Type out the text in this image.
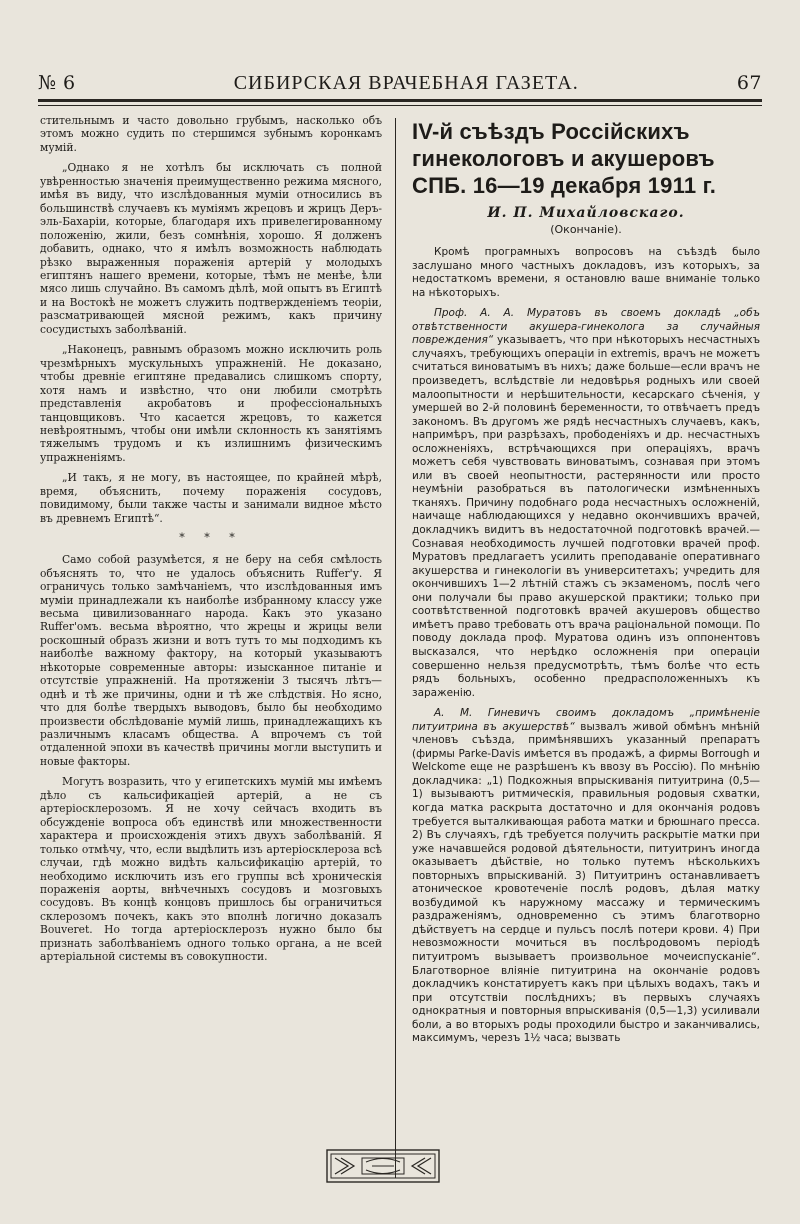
№ 6	СИБИРСКАЯ ВРАЧЕБНАЯ ГАЗЕТА.	67

стительнымъ и часто довольно грубымъ, насколько объ этомъ можно судить по стершимся зубнымъ коронкамъ мумій.

„Однако я не хотѣлъ бы исключать съ полной увѣренностью значенія преимущественно режима мясного, имѣя въ виду, что изслѣдованныя муміи относились въ большинствѣ случаевъ къ мумiямъ жрецовъ и жрицъ Деръ-эль-Бахарiи, которые, благодаря ихъ привелегированному положенiю, жили, безъ сомнѣнiя, хорошо. Я долженъ добавить, однако, что я имѣлъ возможность наблюдать рѣзко выраженныя пораженiя артерiй у молодыхъ египтянъ нашего времени, которые, тѣмъ не менѣе, ѣли мясо лишь случайно. Въ самомъ дѣлѣ, мой опытъ въ Египтѣ и на Востокѣ не можетъ служить подтвержденiемъ теорiи, разсматривающей мясной режимъ, какъ причину сосудистыхъ заболѣванiй.

„Наконецъ, равнымъ образомъ можно исключить роль чрезмѣрныхъ мускульныхъ упражненiй. Не доказано, чтобы древнiе египтяне предавались слишкомъ спорту, хотя намъ и извѣстно, что они любили смотрѣть представленiя акробатовъ и профессiональныхъ танцовщиковъ. Что касается жрецовъ, то кажется невѣроятнымъ, чтобы они имѣли склонность къ занятiямъ тяжелымъ трудомъ и къ излишнимъ физическимъ упражненiямъ.

„И такъ, я не могу, въ настоящее, по крайней мѣрѣ, время, объяснить, почему пораженiя сосудовъ, повидимому, были также часты и занимали видное мѣсто въ древнемъ Египтѣ“.

* * *

Само собой разумѣется, я не беру на себя смѣлость объяснять то, что не удалось объяснить Ruffer'у. Я ограничусь только замѣчанiемъ, что изслѣдованныя имъ муміи принадлежали къ наиболѣе избранному классу уже весьма цивилизованнаго народа. Какъ это указано Ruffer'омъ. весьма вѣроятно, что жрецы и жрицы вели роскошный образъ жизни и вотъ тутъ то мы подходимъ къ наиболѣе важному фактору, на который указываютъ нѣкоторые современные авторы: изысканное питанiе и отсутствiе упражненiй. На протяженiи 3 тысячъ лѣтъ—однѣ и тѣ же причины, одни и тѣ же слѣдствiя. Но ясно, что для болѣе твердыхъ выводовъ, было бы необходимо произвести обслѣдованiе мумiй лишь, принадлежащихъ къ различнымъ класамъ общества. А впрочемъ съ той отдаленной эпохи въ качествѣ причины могли выступить и новые факторы.

Могутъ возразить, что у египетскихъ мумiй мы имѣемъ дѣло съ кальсификацiей артерiй, а не съ артерiосклерозомъ. Я не хочу сейчасъ входить въ обсужденiе вопроса объ единствѣ или множественности характера и происхожденiя этихъ двухъ заболѣванiй. Я только отмѣчу, что, если выдѣлить изъ артерiосклероза всѣ случаи, гдѣ можно видѣть кальсификацiю артерiй, то необходимо исключить изъ его группы всѣ хроническiя пораженiя аорты, внѣчечныхъ сосудовъ и мозговыхъ сосудовъ. Въ концѣ концовъ пришлось бы ограничиться склерозомъ почекъ, какъ это вполнѣ логично доказалъ Bouveret. Но тогда артерiосклерозъ нужно было бы признать заболѣванiемъ одного только органа, а не всей артерiальной системы въ совокупности.

IV-й съѣздъ Россiйскихъ гинекологовъ и акушеровъ СПБ. 16—19 декабря 1911 г.
И. П. Михайловскаго.
(Окончанiе).

Кромѣ програмныхъ вопросовъ на съѣздѣ было заслушано много частныхъ докладовъ, изъ которыхъ, за недостаткомъ времени, я остановлю ваше вниманiе только на нѣкоторыхъ.

Проф. А. А. Муратовъ въ своемъ докладѣ „объ отвѣтственности акушера-гинеколога за случайныя повреждения“ указываетъ, что при нѣкоторыхъ несчастныхъ случаяхъ, требующихъ операцiи in extremis, врачъ не можетъ считаться виноватымъ въ нихъ; даже больше—если врачъ не произведетъ, вслѣдствiе ли недовѣрья родныхъ или своей малоопытности и нерѣшительности, кесарскаго сѣченiя, у умершей во 2-й половинѣ беременности, то отвѣчаетъ предъ закономъ. Въ другомъ же рядѣ несчастныхъ случаевъ, какъ, напримѣръ, при разрѣзахъ, прободенiяхъ и др. несчастныхъ осложненiяхъ, встрѣчающихся при операцiяхъ, врачъ можетъ себя чувствовать виноватымъ, сознавая при этомъ или въ своей неопытности, растерянности или просто неумѣнiи разобраться въ патологически измѣненныхъ тканяхъ. Причину подобнаго рода несчастныхъ осложненiй, наичаще наблюдающихся у недавно окончившихъ врачей, докладчикъ видитъ въ недостаточной подготовкѣ врачей.—Сознавая необходимость лучшей подготовки врачей проф. Муратовъ предлагаетъ усилить преподаванiе оперативнаго акушерства и гинекологiи въ университетахъ; учредить для окончившихъ 1—2 лѣтнiй стажъ съ экзаменомъ, послѣ чего они получали бы право акушерской практики; только при соотвѣтственной подготовкѣ врачей акушеровъ общество имѣетъ право требовать отъ врача рацiональной помощи. По поводу доклада проф. Муратова одинъ изъ оппонентовъ высказался, что нерѣдко осложненiя при операцiи совершенно нельзя предусмотрѣть, тѣмъ болѣе что есть рядъ больныхъ, особенно предрасположенныхъ къ зараженiю.

А. М. Гиневичъ своимъ докладомъ „примѣненiе питуитрина въ акушерствѣ“ вызвалъ живой обмѣнъ мнѣнiй членовъ съѣзда, примѣнявшихъ указанный препаратъ (фирмы Parke-Davis имѣется въ продажѣ, а фирмы Borrough и Welckome еще не разрѣшенъ къ ввозу въ Россiю). По мнѣнiю докладчика: „1) Подкожныя впрыскиванiя питуитрина (0,5—1) вызываютъ ритмическiя, правильныя родовыя схватки, когда матка раскрыта достаточно и для окончанiя родовъ требуется выталкивающая работа матки и брюшнаго пресса. 2) Въ случаяхъ, гдѣ требуется получить раскрытiе матки при уже начавшейся родовой дѣятельности, питуитринъ иногда оказываетъ дѣйствiе, но только путемъ нѣсколькихъ повторныхъ впрыскиванiй. 3) Питуитринъ останавливаетъ атоническое кровотеченiе послѣ родовъ, дѣлая матку возбудимой къ наружному массажу и термическимъ раздраженiямъ, одновременно съ этимъ благотворно дѣйствуетъ на сердце и пульсъ послѣ потери крови. 4) При невозможности мочиться въ послѣродовомъ перiодѣ питуитромъ вызываетъ произвольное мочеиспусканiе“. Благотворное влiянiе питуитрина на окончанiе родовъ докладчикъ констатируетъ какъ при цѣлыхъ водахъ, такъ и при отсутствiи послѣднихъ; въ первыхъ случаяхъ однократныя и повторныя впрыскиванiя (0,5—1,3) усиливали боли, а во вторыхъ роды проходили быстро и заканчивались, максимумъ, черезъ 1½ часа; вызвать
